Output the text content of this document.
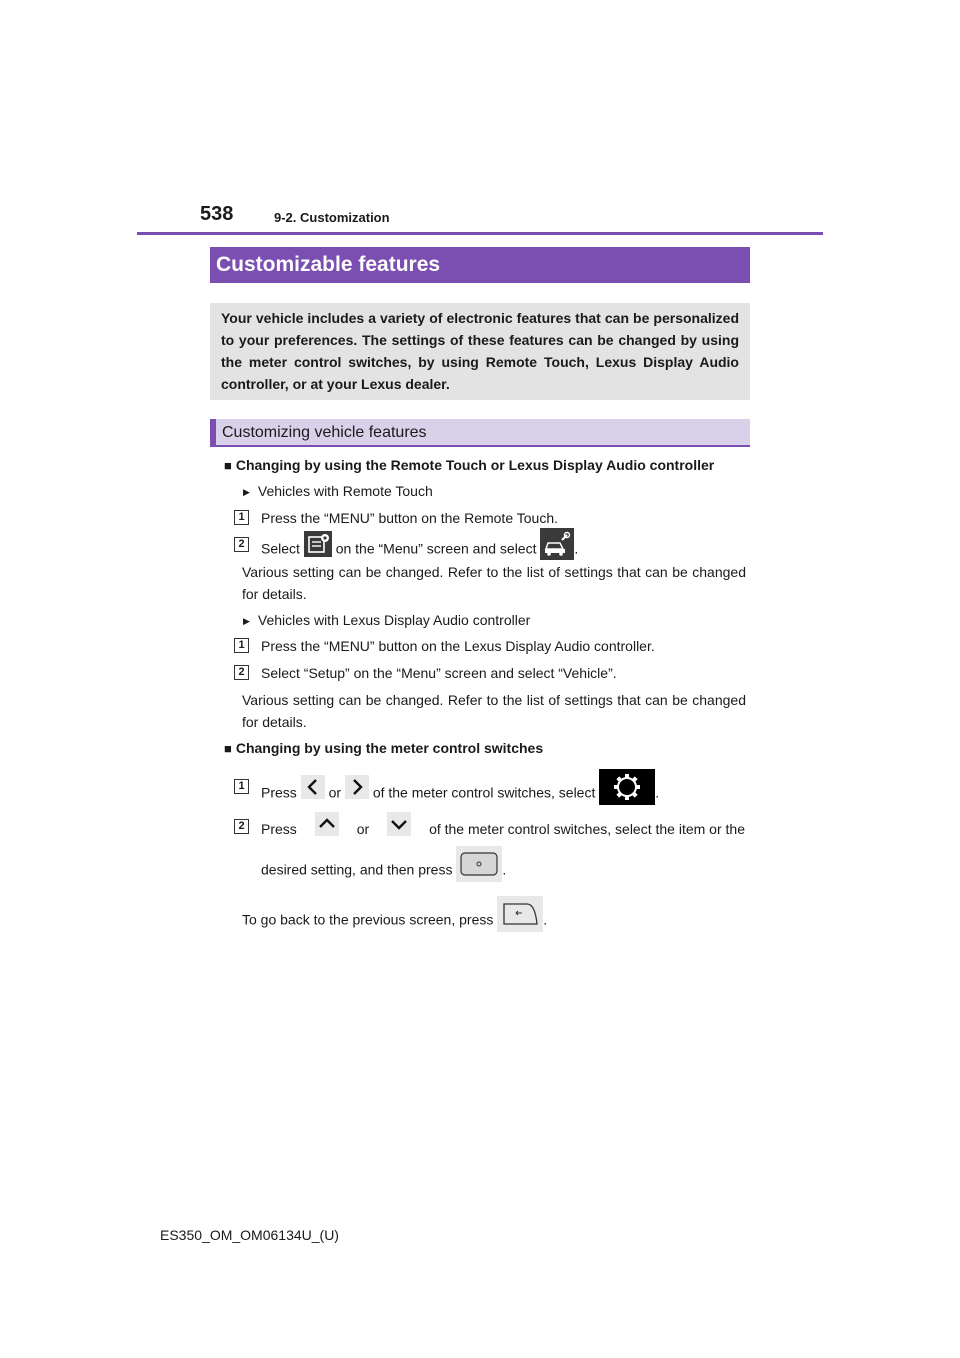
538	9-2. Customization
Customizable features
Your vehicle includes a variety of electronic features that can be personalized to your preferences. The settings of these features can be changed by using the meter control switches, by using Remote Touch, Lexus Display Audio controller, or at your Lexus dealer.
Customizing vehicle features
■ Changing by using the Remote Touch or Lexus Display Audio controller
▶ Vehicles with Remote Touch
1	Press the “MENU” button on the Remote Touch.
2	Select	on the “Menu” screen and select	.
Various setting can be changed. Refer to the list of settings that can be changed for details.
▶ Vehicles with Lexus Display Audio controller
1	Press the “MENU” button on the Lexus Display Audio controller.
2	Select “Setup” on the “Menu” screen and select “Vehicle”.
Various setting can be changed. Refer to the list of settings that can be changed for details.
■ Changing by using the meter control switches
1	Press or of the meter control switches, select	.
2	Press	or	of the meter control switches, select the item or the
desired setting, and then press	.
To go back to the previous screen, press	.
ES350_OM_OM06134U_(U)
